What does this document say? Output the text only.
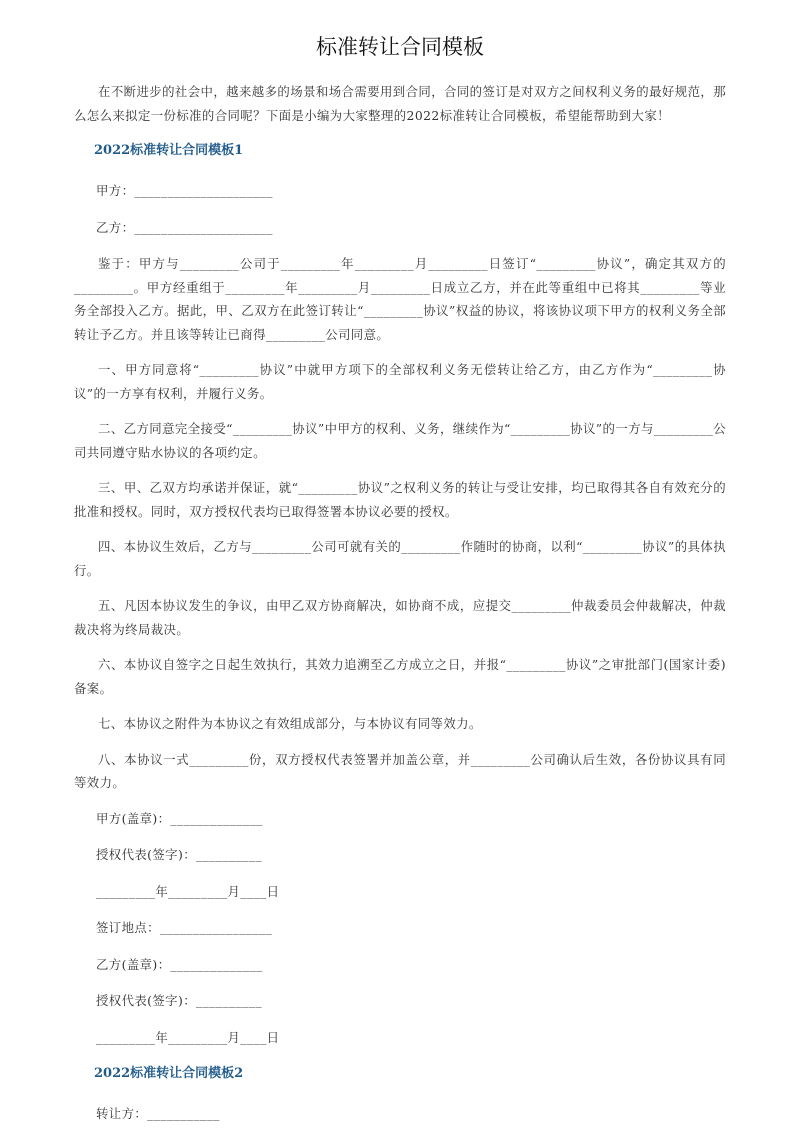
标准转让合同模板

在不断进步的社会中，越来越多的场景和场合需要用到合同，合同的签订是对双方之间权利义务的最好规范，那么怎么来拟定一份标准的合同呢？下面是小编为大家整理的2022标准转让合同模板，希望能帮助到大家！

2022标准转让合同模板1

甲方：_____________________

乙方：_____________________

鉴于：甲方与_________公司于_________年_________月_________日签订“_________协议”，确定其双方的_________。甲方经重组于_________年_________月_________日成立乙方，并在此等重组中已将其_________等业务全部投入乙方。据此，甲、乙双方在此签订转让“_________协议”权益的协议，将该协议项下甲方的权利义务全部转让予乙方。并且该等转让已商得_________公司同意。

一、甲方同意将“_________协议”中就甲方项下的全部权利义务无偿转让给乙方，由乙方作为“_________协议”的一方享有权利，并履行义务。

二、乙方同意完全接受“_________协议”中甲方的权利、义务，继续作为“_________协议”的一方与_________公司共同遵守贴水协议的各项约定。

三、甲、乙双方均承诺并保证，就“_________协议”之权利义务的转让与受让安排，均已取得其各自有效充分的批准和授权。同时，双方授权代表均已取得签署本协议必要的授权。

四、本协议生效后，乙方与_________公司可就有关的_________作随时的协商，以利“_________协议”的具体执行。

五、凡因本协议发生的争议，由甲乙双方协商解决，如协商不成，应提交_________仲裁委员会仲裁解决，仲裁裁决将为终局裁决。

六、本协议自签字之日起生效执行，其效力追溯至乙方成立之日，并报“_________协议”之审批部门(国家计委)备案。

七、本协议之附件为本协议之有效组成部分，与本协议有同等效力。

八、本协议一式_________份，双方授权代表签署并加盖公章，并_________公司确认后生效，各份协议具有同等效力。

甲方(盖章)：______________

授权代表(签字)：__________

_________年_________月____日

签订地点：_________________

乙方(盖章)：______________

授权代表(签字)：__________

_________年_________月____日

2022标准转让合同模板2

转让方：___________
